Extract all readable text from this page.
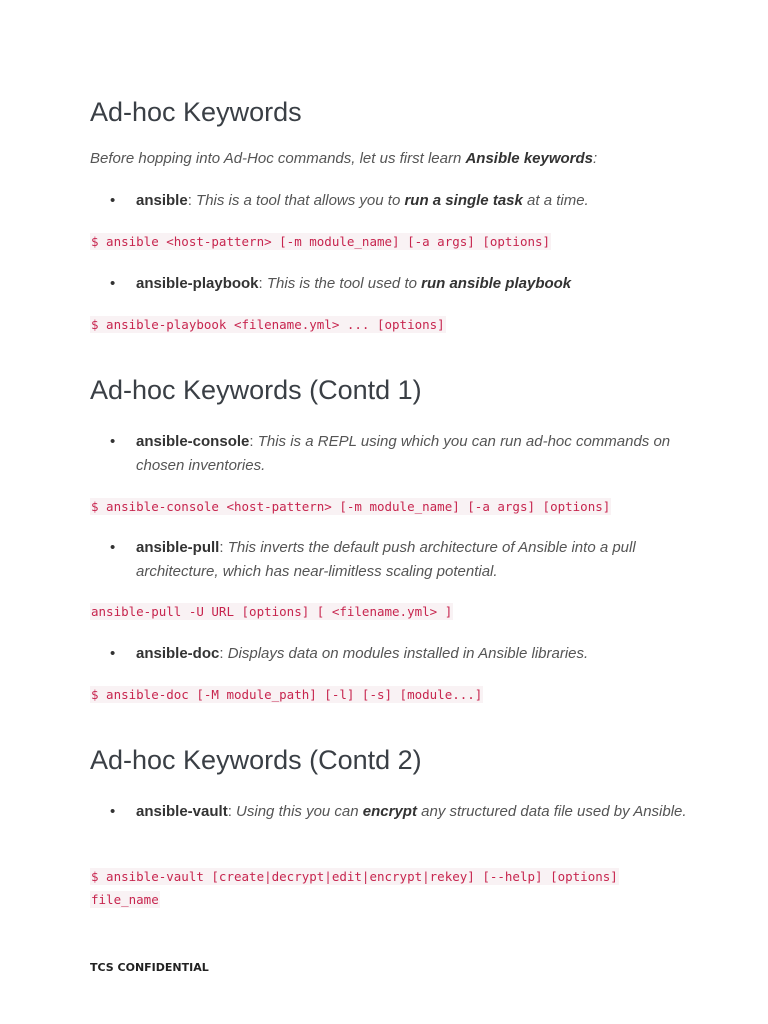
Ad-hoc Keywords

Before hopping into Ad-Hoc commands, let us first learn Ansible keywords:

• ansible: This is a tool that allows you to run a single task at a time.
$ ansible <host-pattern> [-m module_name] [-a args] [options]
• ansible-playbook: This is the tool used to run ansible playbook
$ ansible-playbook <filename.yml> ... [options]
Ad-hoc Keywords (Contd 1)
• ansible-console: This is a REPL using which you can run ad-hoc commands on chosen inventories.
$ ansible-console <host-pattern> [-m module_name] [-a args] [options]
• ansible-pull: This inverts the default push architecture of Ansible into a pull architecture, which has near-limitless scaling potential.
ansible-pull -U URL [options] [ <filename.yml> ]
• ansible-doc: Displays data on modules installed in Ansible libraries.
$ ansible-doc [-M module_path] [-l] [-s] [module...]
Ad-hoc Keywords (Contd 2)
• ansible-vault: Using this you can encrypt any structured data file used by Ansible.
$ ansible-vault [create|decrypt|edit|encrypt|rekey] [--help] [options]
file_name
TCS CONFIDENTIAL
